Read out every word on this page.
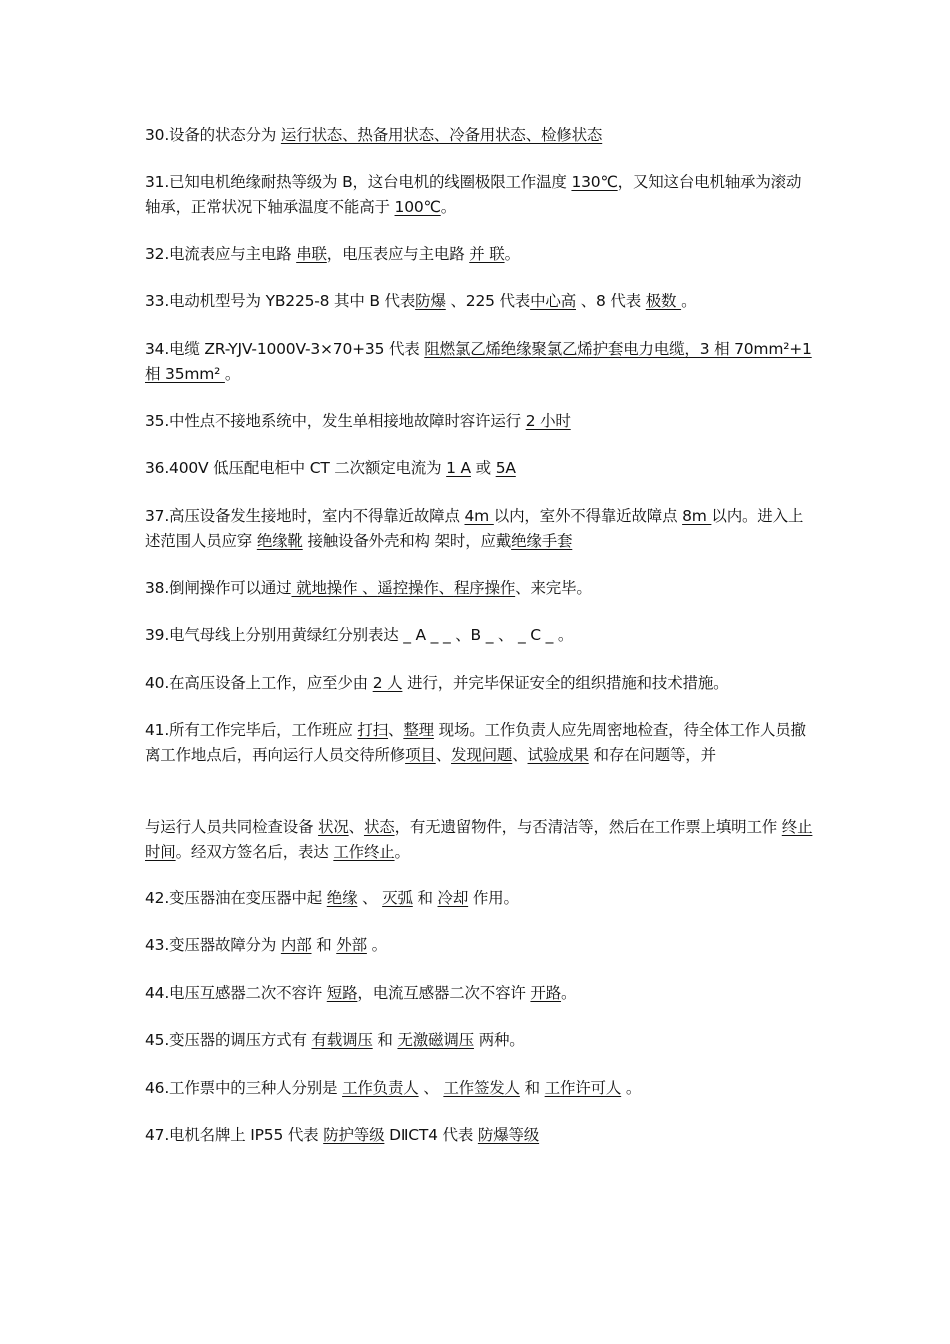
30.设备的状态分为 运行状态、热备用状态、冷备用状态、检修状态

31.已知电机绝缘耐热等级为 B，这台电机的线圈极限工作温度 130℃，又知这台电机轴承为滚动轴承，正常状况下轴承温度不能高于 100℃。

32.电流表应与主电路 串联，电压表应与主电路 并 联。

33.电动机型号为 YB225-8 其中 B 代表防爆 、225 代表中心高 、8 代表 极数 。

34.电缆 ZR-YJV-1000V-3×70+35 代表 阻燃氯乙烯绝缘聚氯乙烯护套电力电缆，3 相 70mm²+1 相 35mm² 。

35.中性点不接地系统中，发生单相接地故障时容许运行 2 小时

36.400V 低压配电柜中 CT 二次额定电流为 1 A 或 5A

37.高压设备发生接地时，室内不得靠近故障点 4m 以内，室外不得靠近故障点 8m 以内。进入上述范围人员应穿 绝缘靴 接触设备外壳和构 架时，应戴绝缘手套

38.倒闸操作可以通过 就地操作 、遥控操作、程序操作、来完毕。

39.电气母线上分别用黄绿红分别表达 _ A _ _ 、B _ 、 _ C _ 。

40.在高压设备上工作，应至少由 2 人 进行，并完毕保证安全的组织措施和技术措施。

41.所有工作完毕后，工作班应 打扫、整理 现场。工作负责人应先周密地检查，待全体工作人员撤离工作地点后，再向运行人员交待所修项目、发现问题、试验成果 和存在问题等，并

与运行人员共同检查设备 状况、状态，有无遗留物件，与否清洁等，然后在工作票上填明工作 终止时间。经双方签名后，表达 工作终止。

42.变压器油在变压器中起 绝缘 、 灭弧 和 冷却 作用。

43.变压器故障分为 内部 和 外部 。

44.电压互感器二次不容许 短路，电流互感器二次不容许 开路。

45.变压器的调压方式有 有载调压 和 无激磁调压 两种。

46.工作票中的三种人分别是 工作负责人 、 工作签发人 和 工作许可人 。

47.电机名牌上 IP55 代表 防护等级 DⅡCT4 代表 防爆等级
